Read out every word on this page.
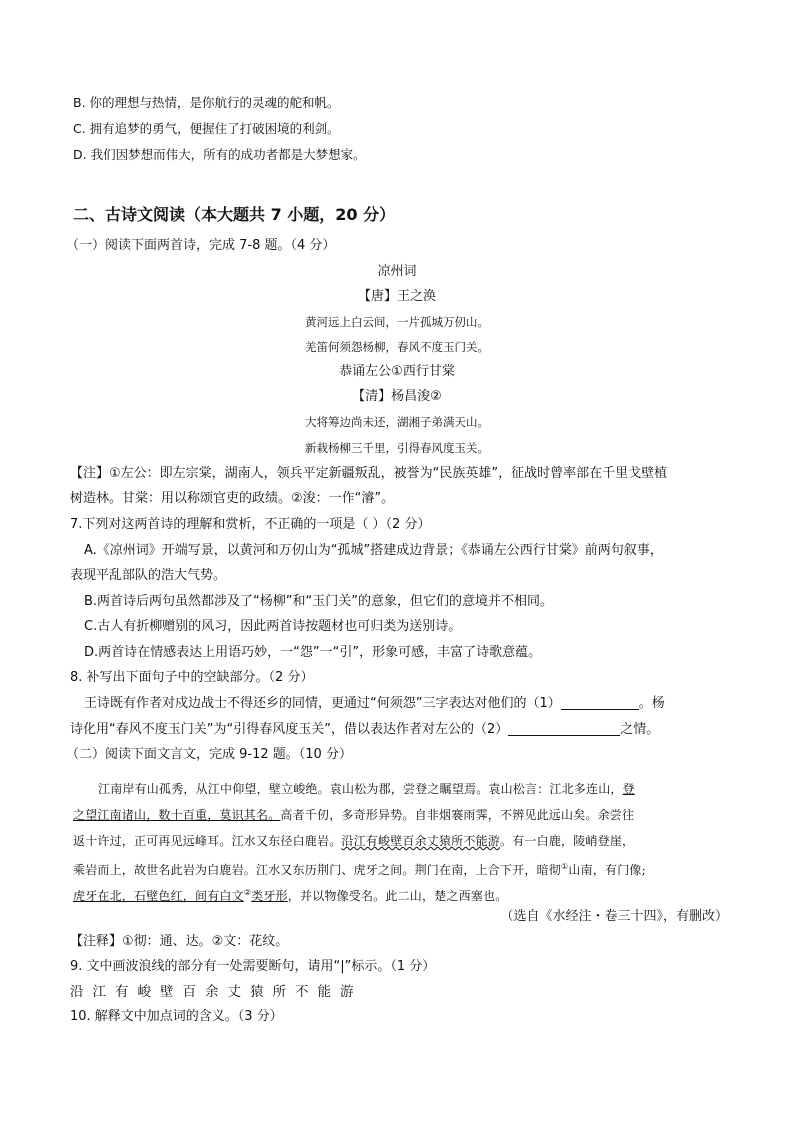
B. 你的理想与热情，是你航行的灵魂的舵和帆。
C. 拥有追梦的勇气，便握住了打破困境的利剑。
D. 我们因梦想而伟大，所有的成功者都是大梦想家。
二、古诗文阅读（本大题共 7 小题，20 分）
（一）阅读下面两首诗，完成 7-8 题。（4 分）
凉州词
【唐】王之涣
黄河远上白云间，一片孤城万仞山。
羌笛何须怨杨柳，春风不度玉门关。
恭诵左公①西行甘棠
【清】杨昌浚②
大将筹边尚未还，湖湘子弟满天山。
新栽杨柳三千里，引得春风度玉关。
【注】①左公：即左宗棠，湖南人，领兵平定新疆叛乱，被誉为“民族英雄”，征战时曾率部在千里戈壁植
树造林。甘棠：用以称颂官吏的政绩。②浚：一作“濬”。
7.下列对这两首诗的理解和赏析，不正确的一项是（ ）（2 分）
A.《凉州词》开端写景，以黄河和万仞山为“孤城”搭建成边背景；《恭诵左公西行甘棠》前两句叙事，
表现平乱部队的浩大气势。
B.两首诗后两句虽然都涉及了“杨柳”和“玉门关”的意象，但它们的意境并不相同。
C.古人有折柳赠别的风习，因此两首诗按题材也可归类为送别诗。
D.两首诗在情感表达上用语巧妙，一“怨”一“引”，形象可感，丰富了诗歌意蕴。
8. 补写出下面句子中的空缺部分。（2 分）
王诗既有作者对戍边战士不得还乡的同情，更通过“何须怨”三字表达对他们的（1）	。杨
诗化用“春风不度玉门关”为“引得春风度玉关”，借以表达作者对左公的（2）	之情。
（二）阅读下面文言文，完成 9-12 题。（10 分）
江南岸有山孤秀，从江中仰望，壁立峻绝。袁山松为郡，尝登之瞩望焉。袁山松言：江北多连山，登
之望江南诸山，数十百重，莫识其名。高者千仞，多奇形异势。自非烟褰雨霁，不辨见此远山矣。余尝往
返十许过，正可再见远峰耳。江水又东径白鹿岩。沿江有峻壁百余丈猿所不能游。有一白鹿，陵峭登崖，
乘岩而上，故世名此岩为白鹿岩。江水又东历荆门、虎牙之间。荆门在南，上合下开，暗彻①山南，有门像;
虎牙在北，石壁色红，间有白文②类牙形，并以物像受名。此二山，楚之西塞也。
（选自《水经注・卷三十四》，有删改）
【注释】①彻：通、达。②文：花纹。
9. 文中画波浪线的部分有一处需要断句，请用“|”标示。（1 分）
沿江有峻壁百余丈猿所不能游
10. 解释文中加点词的含义。（3 分）
